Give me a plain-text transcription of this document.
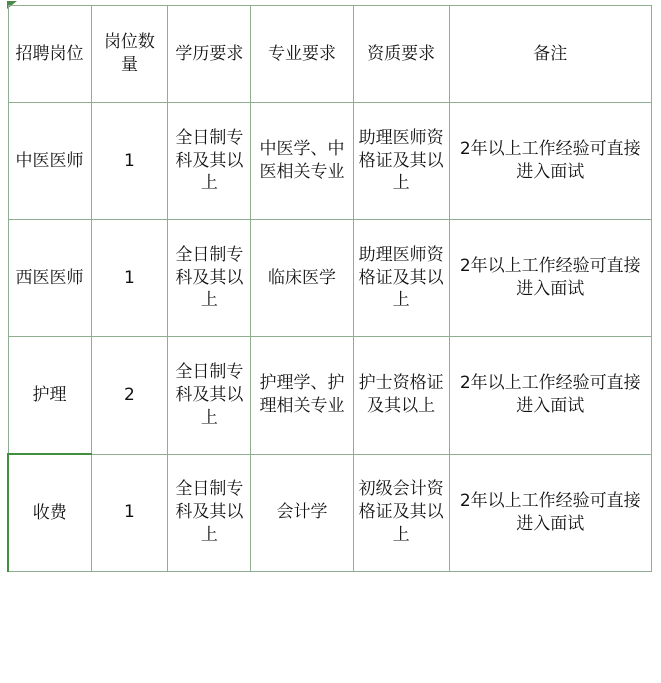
招聘岗位	岗位数量	学历要求	专业要求	资质要求	备注
中医医师	1	全日制专科及其以上	中医学、中医相关专业	助理医师资格证及其以上	2年以上工作经验可直接进入面试
西医医师	1	全日制专科及其以上	临床医学	助理医师资格证及其以上	2年以上工作经验可直接进入面试
护理	2	全日制专科及其以上	护理学、护理相关专业	护士资格证及其以上	2年以上工作经验可直接进入面试
收费	1	全日制专科及其以上	会计学	初级会计资格证及其以上	2年以上工作经验可直接进入面试
